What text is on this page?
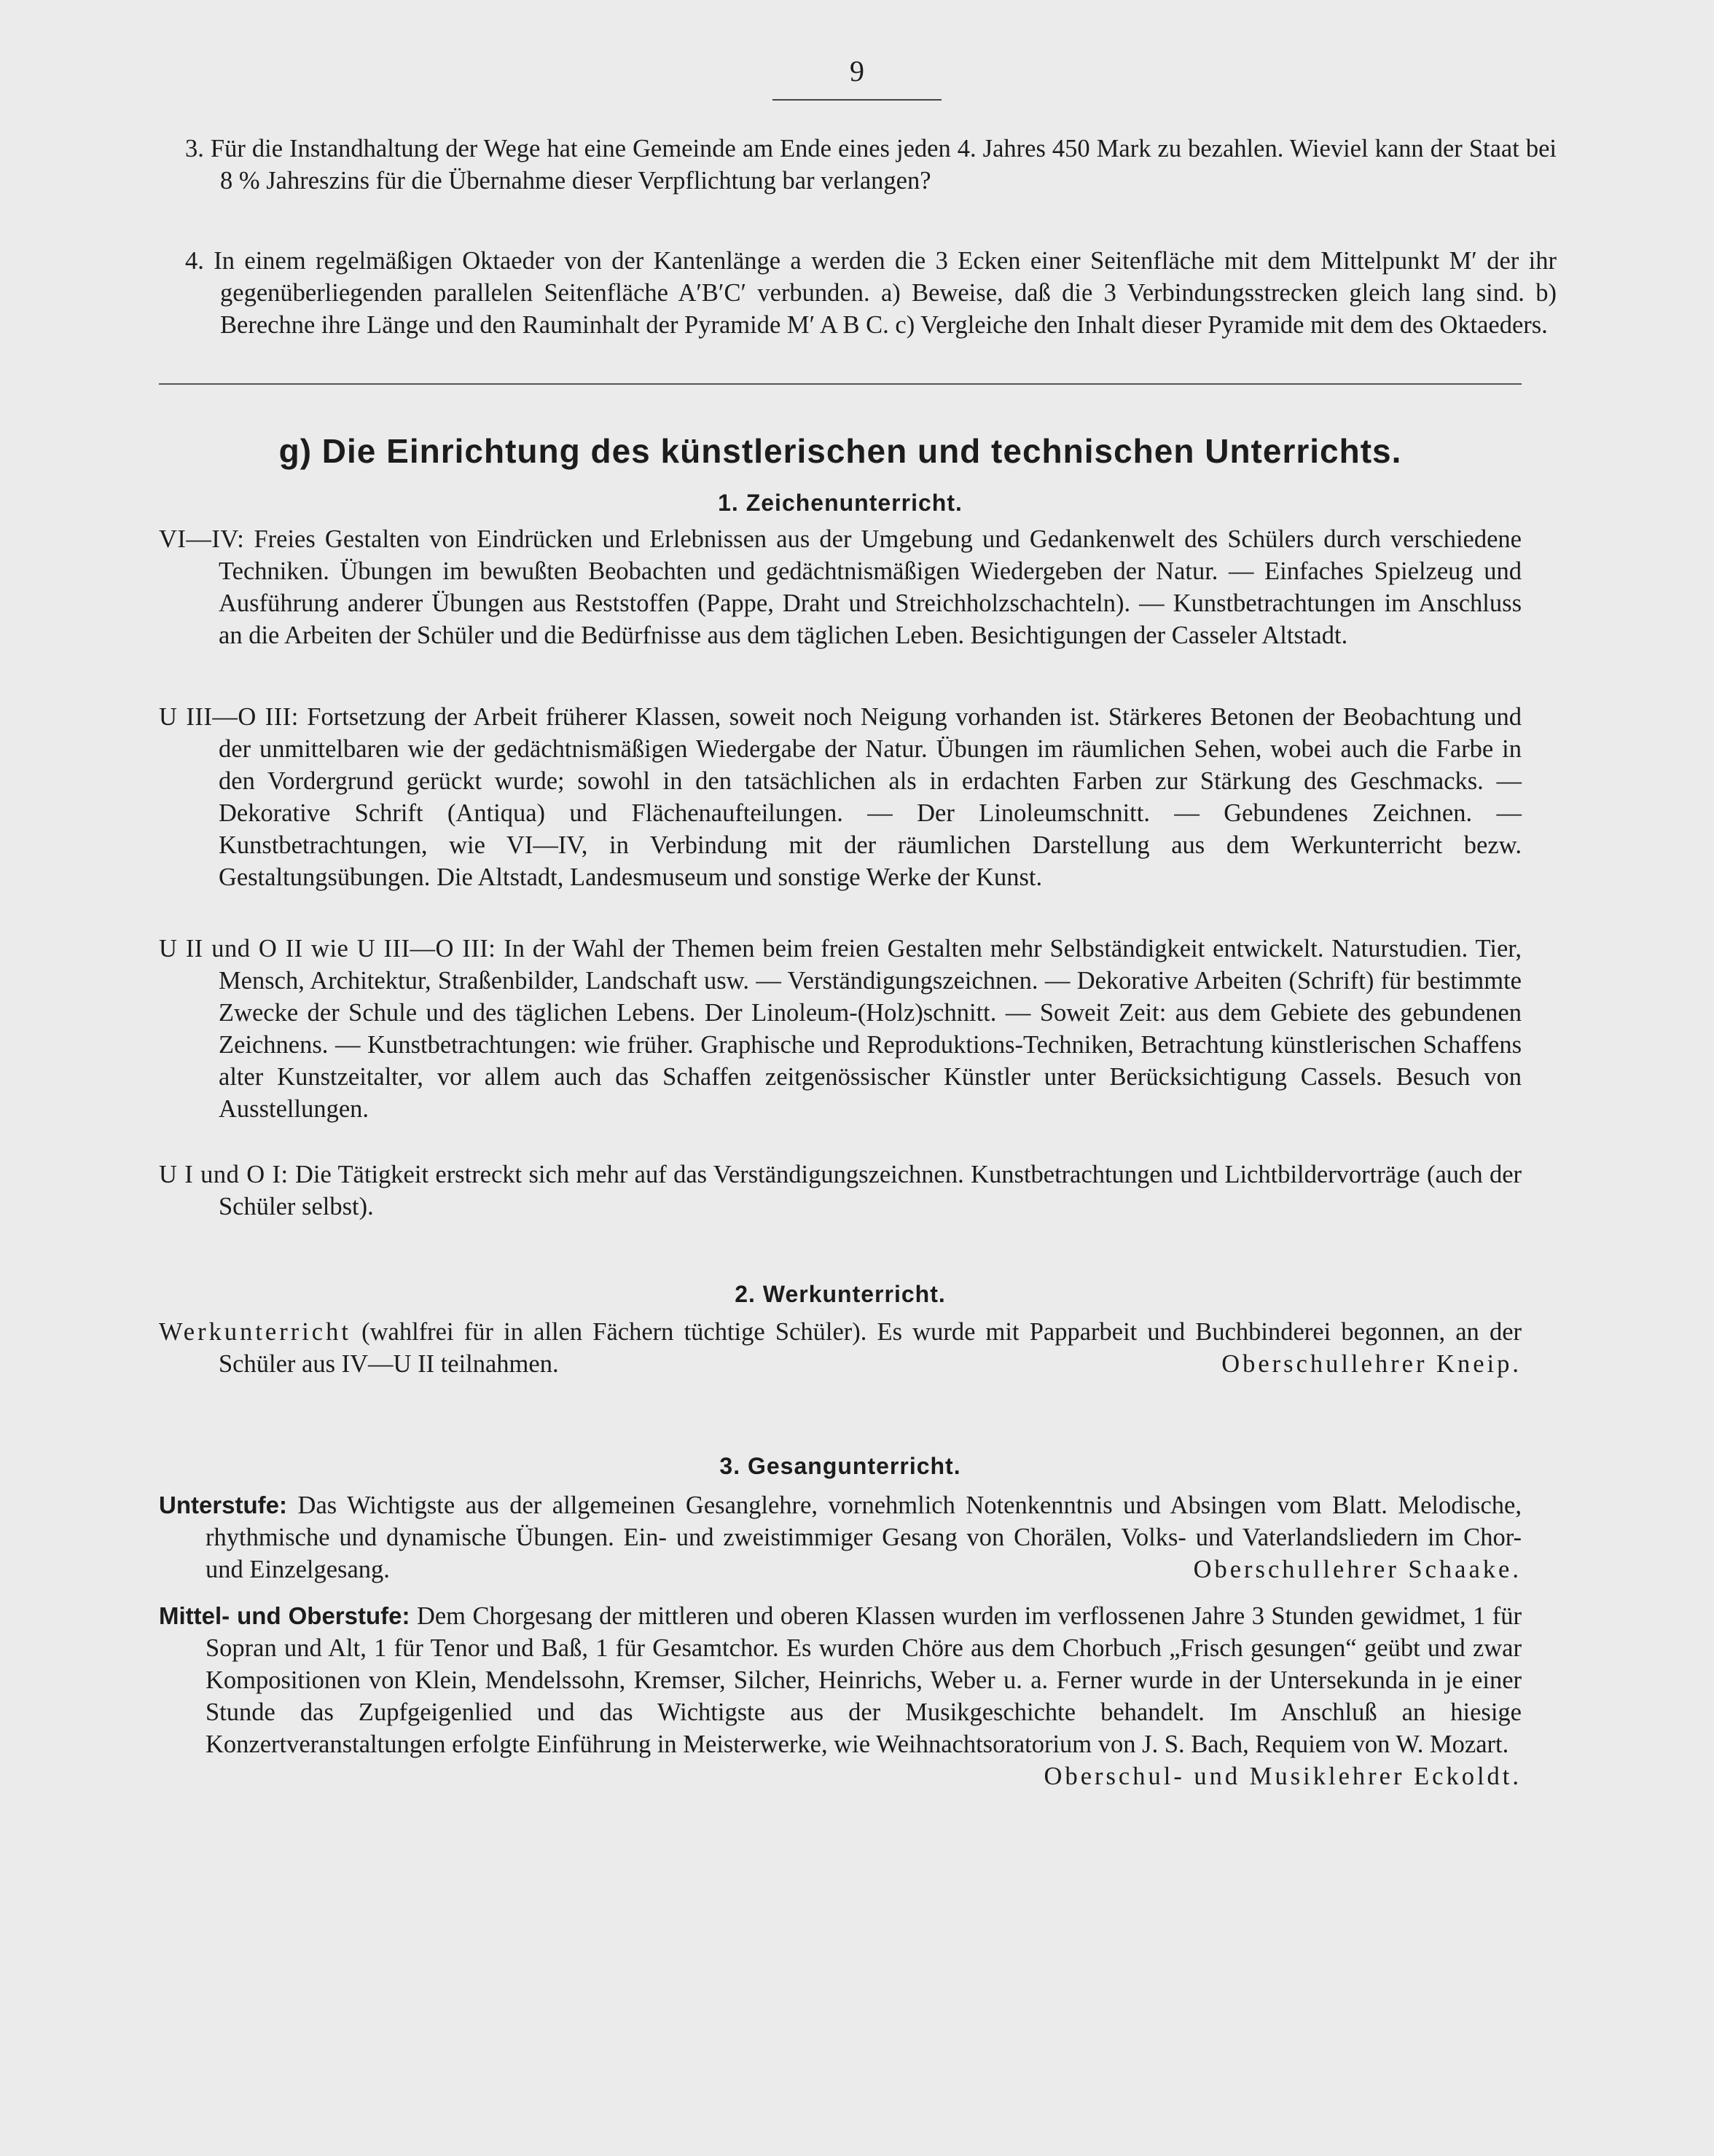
9
3. Für die Instandhaltung der Wege hat eine Gemeinde am Ende eines jeden 4. Jahres 450 Mark zu bezahlen. Wieviel kann der Staat bei 8 % Jahreszins für die Übernahme dieser Verpflichtung bar verlangen?
4. In einem regelmäßigen Oktaeder von der Kantenlänge a werden die 3 Ecken einer Seitenfläche mit dem Mittelpunkt M′ der ihr gegenüberliegenden parallelen Seitenfläche A′B′C′ verbunden. a) Beweise, daß die 3 Verbindungsstrecken gleich lang sind. b) Berechne ihre Länge und den Rauminhalt der Pyramide M′ A B C. c) Vergleiche den Inhalt dieser Pyramide mit dem des Oktaeders.
g) Die Einrichtung des künstlerischen und technischen Unterrichts.
1. Zeichenunterricht.
VI—IV: Freies Gestalten von Eindrücken und Erlebnissen aus der Umgebung und Gedankenwelt des Schülers durch verschiedene Techniken. Übungen im bewußten Beobachten und gedächtnismäßigen Wiedergeben der Natur. — Einfaches Spielzeug und Ausführung anderer Übungen aus Reststoffen (Pappe, Draht und Streichholzschachteln). — Kunstbetrachtungen im Anschluss an die Arbeiten der Schüler und die Bedürfnisse aus dem täglichen Leben. Besichtigungen der Casseler Altstadt.
U III—O III: Fortsetzung der Arbeit früherer Klassen, soweit noch Neigung vorhanden ist. Stärkeres Betonen der Beobachtung und der unmittelbaren wie der gedächtnismäßigen Wiedergabe der Natur. Übungen im räumlichen Sehen, wobei auch die Farbe in den Vordergrund gerückt wurde; sowohl in den tatsächlichen als in erdachten Farben zur Stärkung des Geschmacks. — Dekorative Schrift (Antiqua) und Flächenaufteilungen. — Der Linoleumschnitt. — Gebundenes Zeichnen. — Kunstbetrachtungen, wie VI—IV, in Verbindung mit der räumlichen Darstellung aus dem Werkunterricht bezw. Gestaltungsübungen. Die Altstadt, Landesmuseum und sonstige Werke der Kunst.
U II und O II wie U III—O III: In der Wahl der Themen beim freien Gestalten mehr Selbständigkeit entwickelt. Naturstudien. Tier, Mensch, Architektur, Straßenbilder, Landschaft usw. — Verständigungszeichnen. — Dekorative Arbeiten (Schrift) für bestimmte Zwecke der Schule und des täglichen Lebens. Der Linoleum-(Holz)schnitt. — Soweit Zeit: aus dem Gebiete des gebundenen Zeichnens. — Kunstbetrachtungen: wie früher. Graphische und Reproduktions-Techniken, Betrachtung künstlerischen Schaffens alter Kunstzeitalter, vor allem auch das Schaffen zeitgenössischer Künstler unter Berücksichtigung Cassels. Besuch von Ausstellungen.
U I und O I: Die Tätigkeit erstreckt sich mehr auf das Verständigungszeichnen. Kunstbetrachtungen und Lichtbildervorträge (auch der Schüler selbst).
2. Werkunterricht.
Werkunterricht (wahlfrei für in allen Fächern tüchtige Schüler). Es wurde mit Papparbeit und Buchbinderei begonnen, an der Schüler aus IV—U II teilnahmen.	Oberschullehrer Kneip.
3. Gesangunterricht.
Unterstufe: Das Wichtigste aus der allgemeinen Gesanglehre, vornehmlich Notenkenntnis und Absingen vom Blatt. Melodische, rhythmische und dynamische Übungen. Ein- und zweistimmiger Gesang von Chorälen, Volks- und Vaterlandsliedern im Chor- und Einzelgesang.	Oberschullehrer Schaake.
Mittel- und Oberstufe: Dem Chorgesang der mittleren und oberen Klassen wurden im verflossenen Jahre 3 Stunden gewidmet, 1 für Sopran und Alt, 1 für Tenor und Baß, 1 für Gesamtchor. Es wurden Chöre aus dem Chorbuch „Frisch gesungen“ geübt und zwar Kompositionen von Klein, Mendelssohn, Kremser, Silcher, Heinrichs, Weber u. a. Ferner wurde in der Untersekunda in je einer Stunde das Zupfgeigenlied und das Wichtigste aus der Musikgeschichte behandelt. Im Anschluß an hiesige Konzertveranstaltungen erfolgte Einführung in Meisterwerke, wie Weihnachtsoratorium von J. S. Bach, Requiem von W. Mozart.
Oberschul- und Musiklehrer Eckoldt.
